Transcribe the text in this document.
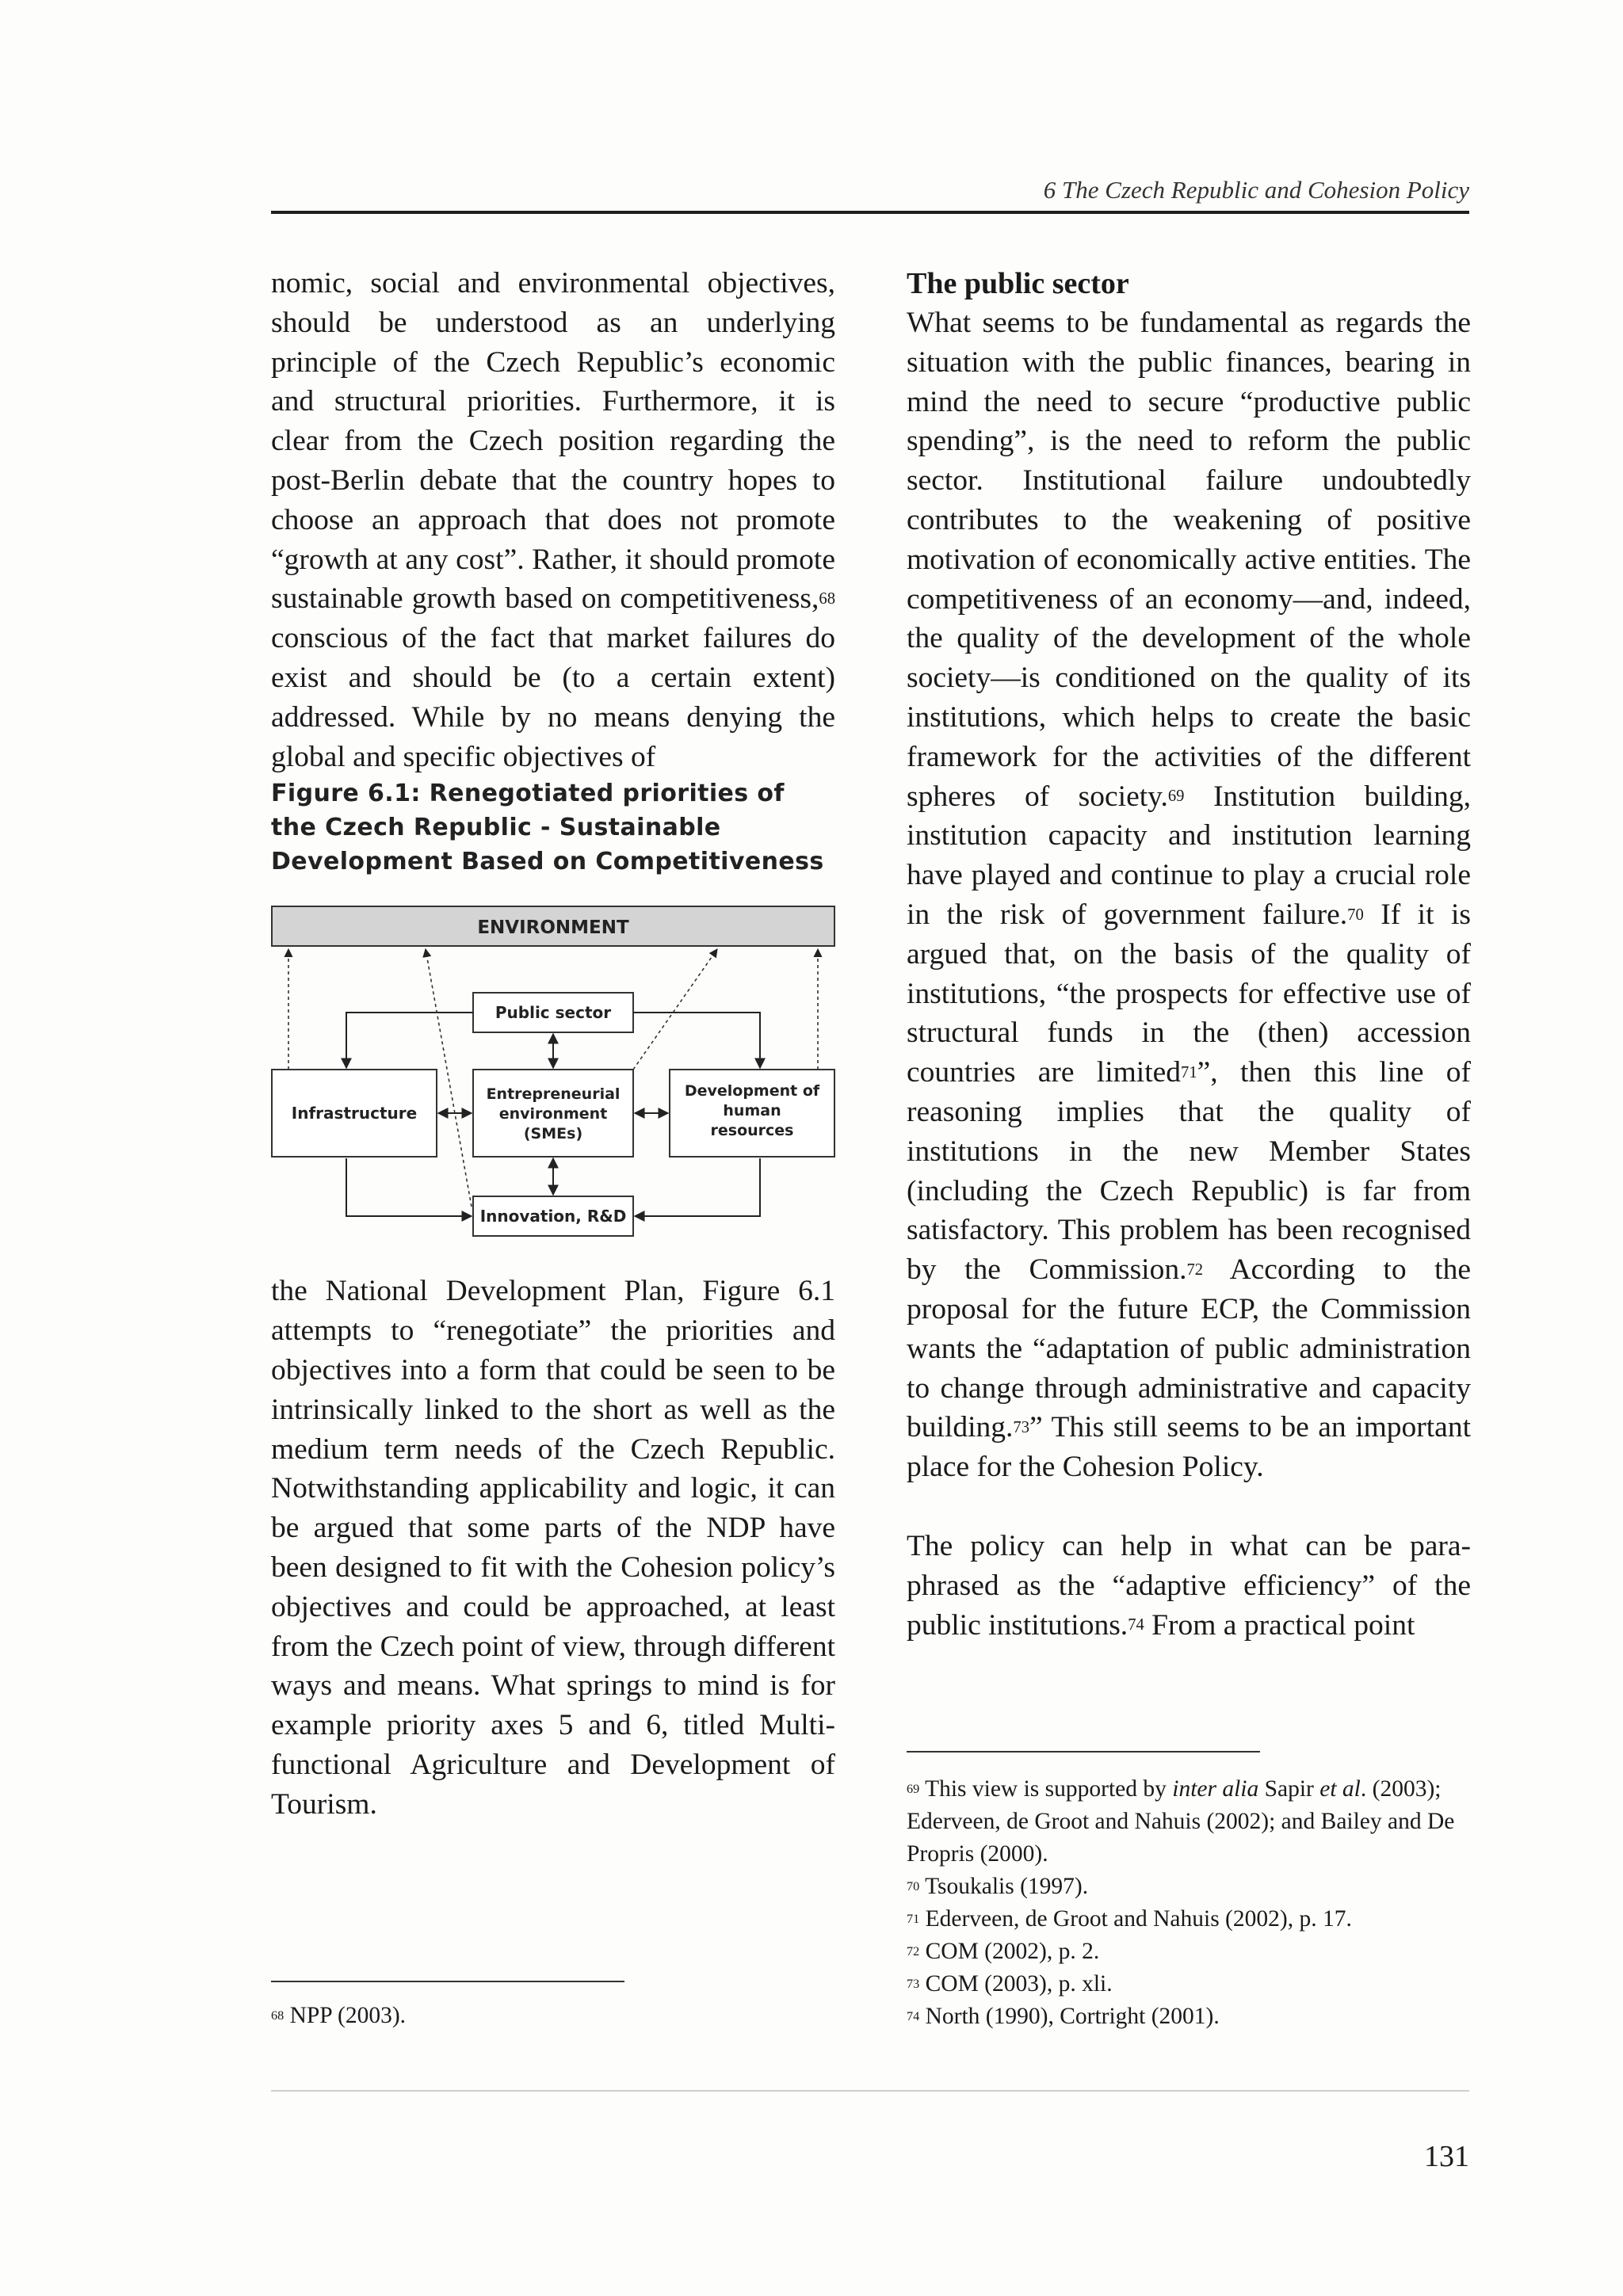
6 The Czech Republic and Cohesion Policy

nomic, social and environmental objectives, should be understood as an underlying principle of the Czech Republic’s economic and structural priorities. Furthermore, it is clear from the Czech position regarding the post-Berlin debate that the country hopes to choose an approach that does not promote “growth at any cost”. Rather, it should promote sustainable growth based on competitiveness,$^{68}$ conscious of the fact that market failures do exist and should be (to a certain extent) addressed. While by no means denying the global and specific objectives of

Figure 6.1: Renegotiated priorities of the Czech Republic - Sustainable Development Based on Competitiveness

ENVIRONMENT
Public sector
Infrastructure
Entrepreneurial
environment
(SMEs)
Development of
human
resources
Innovation, R&D

the National Development Plan, Figure 6.1 attempts to “renegotiate” the priorities and objectives into a form that could be seen to be intrinsically linked to the short as well as the medium term needs of the Czech Republic. Notwithstanding applicability and logic, it can be argued that some parts of the NDP have been designed to fit with the Cohesion policy’s objectives and could be approached, at least from the Czech point of view, through different ways and means. What springs to mind is for example priority axes 5 and 6, titled Multi-functional Agriculture and Development of Tourism.

The public sector

What seems to be fundamental as regards the situation with the public finances, bearing in mind the need to secure “productive public spending”, is the need to reform the public sector. Institutional failure undoubtedly contributes to the weakening of positive motivation of economically active entities. The competitiveness of an economy—and, indeed, the quality of the development of the whole society—is conditioned on the quality of its institutions, which helps to create the basic framework for the activities of the different spheres of society.$^{69}$ Institution building, institution capacity and institution learning have played and continue to play a crucial role in the risk of government failure.$^{70}$ If it is argued that, on the basis of the quality of institutions, “the prospects for effective use of structural funds in the (then) accession countries are limited$^{71}$”, then this line of reasoning implies that the quality of institutions in the new Member States (including the Czech Republic) is far from satisfactory. This problem has been recognised by the Commission.$^{72}$ According to the proposal for the future ECP, the Commission wants the “adaptation of public administration to change through administrative and capacity building.$^{73}$” This still seems to be an important place for the Cohesion Policy.

The policy can help in what can be paraphrased as the “adaptive efficiency” of the public institutions.$^{74}$ From a practical point

$^{68}$ NPP (2003).

$^{69}$ This view is supported by inter alia Sapir et al. (2003); Ederveen, de Groot and Nahuis (2002); and Bailey and De Propris (2000).

$^{70}$ Tsoukalis (1997).

$^{71}$ Ederveen, de Groot and Nahuis (2002), p. 17.

$^{72}$ COM (2002), p. 2.

$^{73}$ COM (2003), p. xli.

$^{74}$ North (1990), Cortright (2001).

131
